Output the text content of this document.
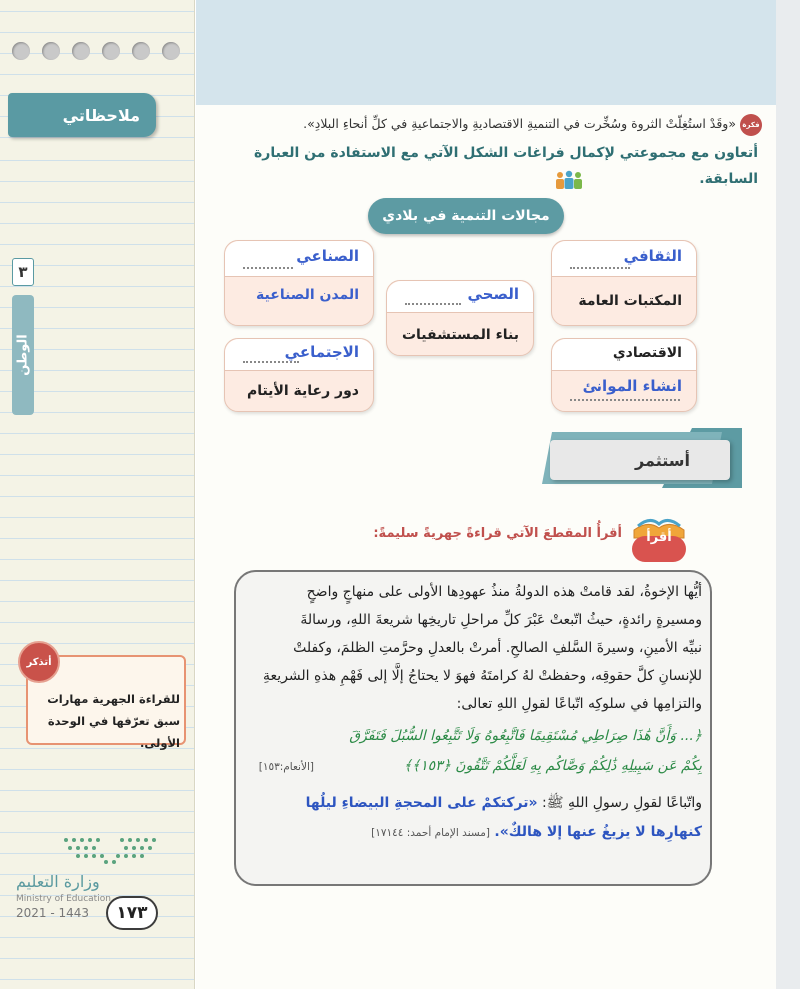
ملاحظاتي
٣
الوطن
أتذكر
للقراءة الجهرية مهارات سبق تعرّفها في الوحدة الأولى.
وزارة التعليم
Ministry of Education
2021 - 1443	١٧٣
فكرة
«وقَدْ استُغِلّتْ الثروة وسُخِّرت في التنميةِ الاقتصاديةِ والاجتماعيةِ في كلِّ أنحاءِ البلادِ».
أتعاون مع مجموعتي لإكمال فراغات الشكل الآتي مع الاستفادة من العبارة السابقة.
مجالات التنمية في بلادي
الثقافي
المكتبات العامة
الصناعي
المدن الصناعية	الصحي
بناء المستشفيات
الاقتصادي
انشاء الموانئ
الاجتماعي
دور رعاية الأيتام
أستثمر
أقرأُ المقطعَ الآتي قراءةً جهريةً سليمةً:	أقرأ
أيُّها الإخوةُ، لقد قامتْ هذه الدولةُ منذُ عهودِها الأولى على منهاجٍ واضحٍ
ومسيرةٍ رائدةٍ، حيثُ اتّبعتْ عَبْرَ كلِّ مراحلِ تاريخِها شريعةَ اللهِ، ورسالةَ
نبيِّه الأمينِ، وسيرةَ السَّلفِ الصالحِ. أمرتْ بالعدلِ وحرَّمتِ الظلمَ، وكفلتْ
للإنسانِ كلَّ حقوقِه، وحفظتْ لهُ كرامتَهُ فهوَ لا يحتاجُ إلَّا إلى فَهْمِ هذهِ الشريعةِ
والتزامِها في سلوكِه اتّباعًا لقولِ اللهِ تعالى:
﴿... وَأَنَّ هَٰذَا صِرَاطِي مُسْتَقِيمًا فَاتَّبِعُوهُ وَلَا تَتَّبِعُوا السُّبُلَ فَتَفَرَّقَ
بِكُمْ عَن سَبِيلِهِ ذَٰلِكُمْ وَصَّاكُم بِهِ لَعَلَّكُمْ تَتَّقُونَ ﴿١٥٣﴾﴾
[الأنعام:١٥٣]
واتّباعًا لقولِ رسولِ اللهِ ﷺ: «تركتكمْ على المحجةِ البيضاءِ ليلُها
كنهارِها لا يزيغُ عنها إلا هالكٌ». [مسند الإمام أحمد: ١٧١٤٤]
